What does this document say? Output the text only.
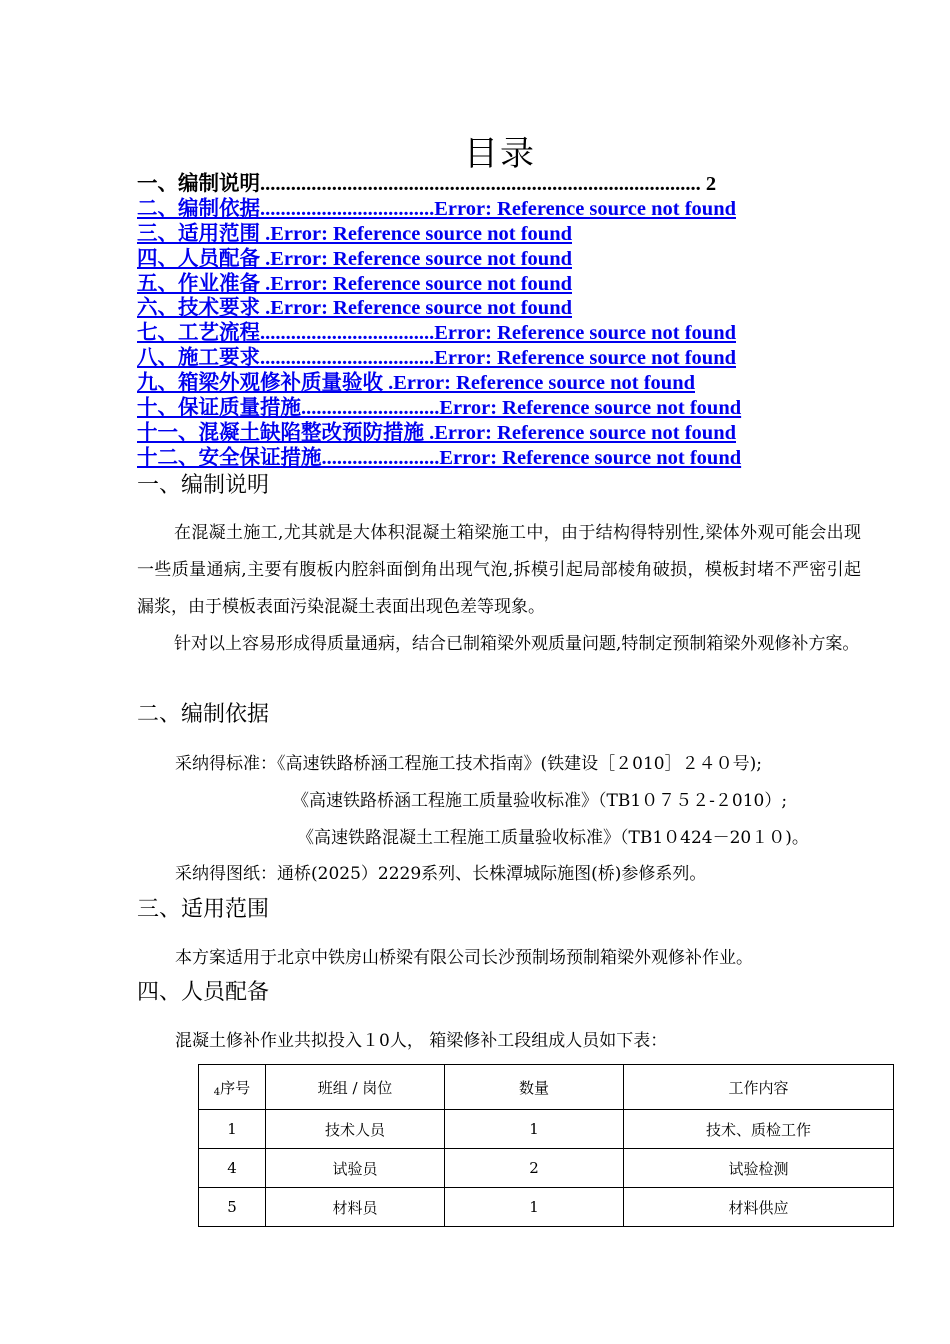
目录
一、编制说明...................................................................................... 2
二、编制依据..................................Error: Reference source not found
三、适用范围 .Error: Reference source not found
四、人员配备 .Error: Reference source not found
五、作业准备 .Error: Reference source not found
六、技术要求 .Error: Reference source not found
七、工艺流程..................................Error: Reference source not found
八、施工要求..................................Error: Reference source not found
九、箱梁外观修补质量验收 .Error: Reference source not found
十、保证质量措施...........................Error: Reference source not found
十一、混凝土缺陷整改预防措施 .Error: Reference source not found
十二、安全保证措施.......................Error: Reference source not found
一、编制说明
在混凝土施工,尤其就是大体积混凝土箱梁施工中，由于结构得特别性,梁体外观可能会出现一些质量通病,主要有腹板内腔斜面倒角出现气泡,拆模引起局部棱角破损，模板封堵不严密引起漏浆，由于模板表面污染混凝土表面出现色差等现象。
针对以上容易形成得质量通病，结合已制箱梁外观质量问题,特制定预制箱梁外观修补方案。
二、编制依据
采纳得标准：《高速铁路桥涵工程施工技术指南》(铁建设［２010］２４０号);
《高速铁路桥涵工程施工质量验收标准》（TB1０７５２-２010）;
《高速铁路混凝土工程施工质量验收标准》（TB1０424－20１０)。
采纳得图纸：通桥(2025）2229系列、长株潭城际施图(桥)参修系列。
三、适用范围
本方案适用于北京中铁房山桥梁有限公司长沙预制场预制箱梁外观修补作业。
四、人员配备
混凝土修补作业共拟投入１0人， 箱梁修补工段组成人员如下表：
4序号	班组 / 岗位	数量	工作内容
1	技术人员	1	技术、质检工作
4	试验员	2	试验检测
5	材料员	1	材料供应
